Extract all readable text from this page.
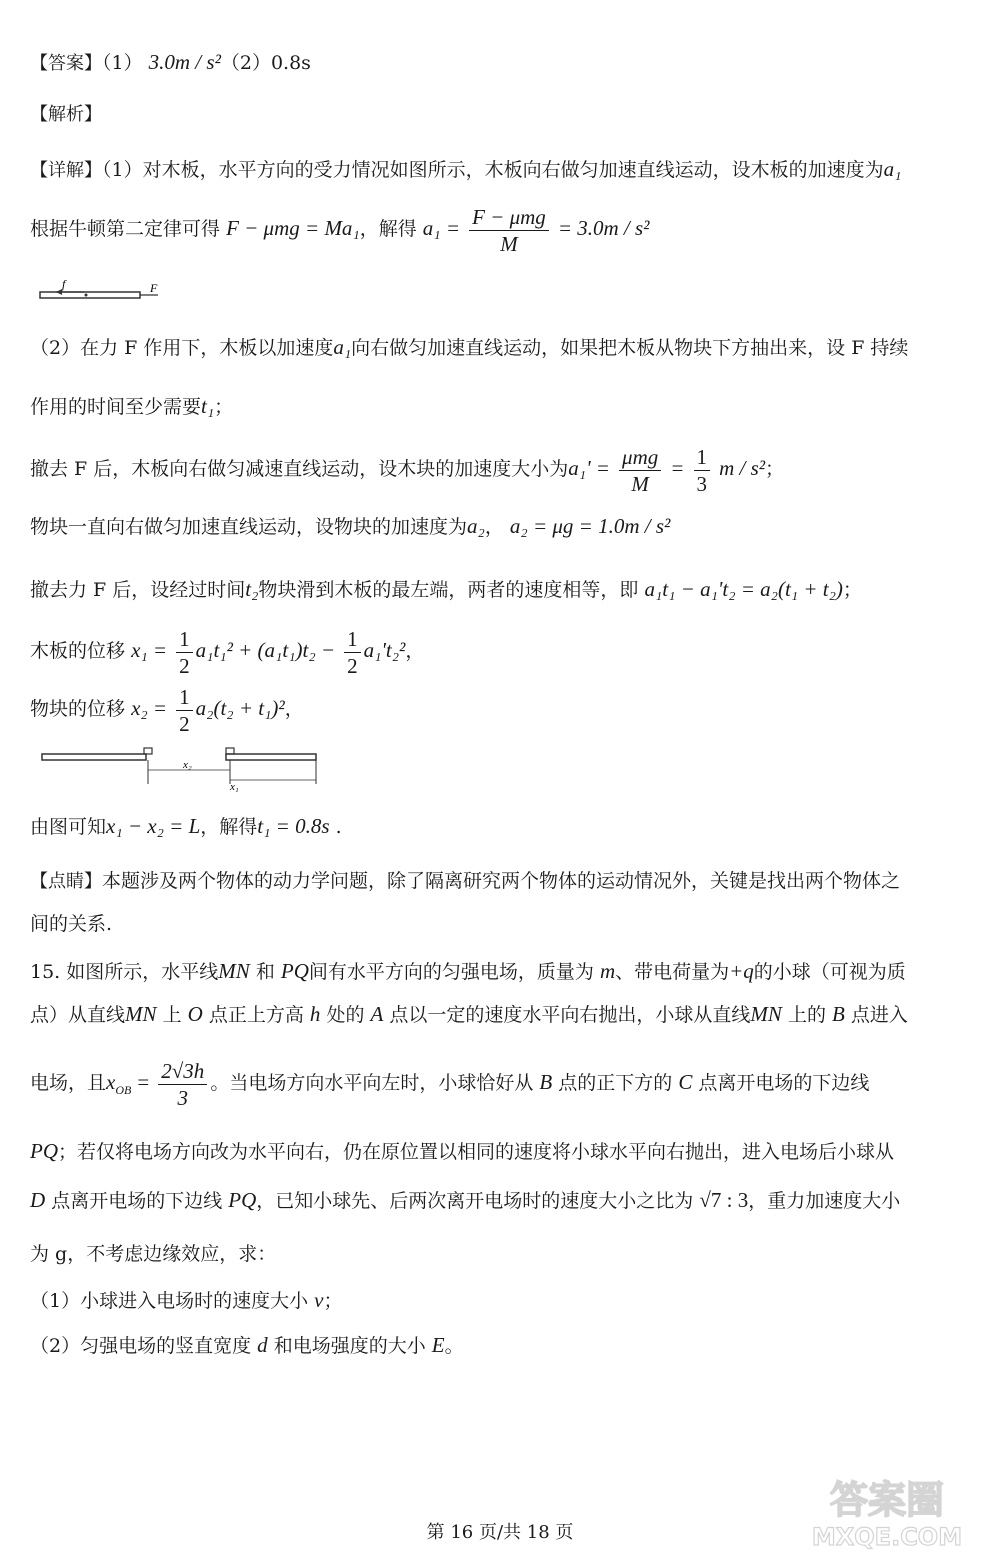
【答案】（1） 3.0m / s²（2）0.8s
【解析】
【详解】（1）对木板，水平方向的受力情况如图所示，木板向右做匀加速直线运动，设木板的加速度为a₁
根据牛顿第二定律可得 F − μmg = Ma₁，解得 $a_1 = \frac{\text{F − μmg}}{M} = 3.0m / s^2$
f	F
（2）在力 F 作用下，木板以加速度a₁向右做匀加速直线运动，如果把木板从物块下方抽出来，设 F 持续
作用的时间至少需要t₁；
撤去 F 后，木板向右做匀减速直线运动，设木块的加速度大小为$a_1' = \frac{\text{μmg}}{M} = \frac{1}{3}$ m / s²；
物块一直向右做匀加速直线运动，设物块的加速度为a₂， a₂ = μg = 1.0m / s²
撤去力 F 后，设经过时间t₂物块滑到木板的最左端，两者的速度相等，即 a₁t₁ − a₁'t₂ = a₂(t₁ + t₂)；
木板的位移 $x_1 = \frac{1}{2} a_1t_1^2 + (a_1t_1)t_2 - \frac{1}{2} a_1't_2^2$，
物块的位移 $x_2 = \frac{1}{2} a_2(t_2 + t_1)^2$，
x₂
x₁
由图可知x₁ − x₂ = L，解得t₁ = 0.8s .
【点睛】本题涉及两个物体的动力学问题，除了隔离研究两个物体的运动情况外，关键是找出两个物体之
间的关系.
15. 如图所示，水平线MN 和 PQ间有水平方向的匀强电场，质量为 m、带电荷量为+q的小球（可视为质
点）从直线MN 上 O 点正上方高 h 处的 A 点以一定的速度水平向右抛出，小球从直线MN 上的 B 点进入
电场，且$x_{OB} = \frac{2√3h}{3}$ 。当电场方向水平向左时，小球恰好从 B 点的正下方的 C 点离开电场的下边线
PQ；若仅将电场方向改为水平向右，仍在原位置以相同的速度将小球水平向右抛出，进入电场后小球从
D 点离开电场的下边线 PQ，已知小球先、后两次离开电场时的速度大小之比为 √7 : 3，重力加速度大小
为 g，不考虑边缘效应，求：
（1）小球进入电场时的速度大小 v；
（2）匀强电场的竖直宽度 d 和电场强度的大小 E。
第 16 页/共 18 页
答案圈
MXQE.COM
